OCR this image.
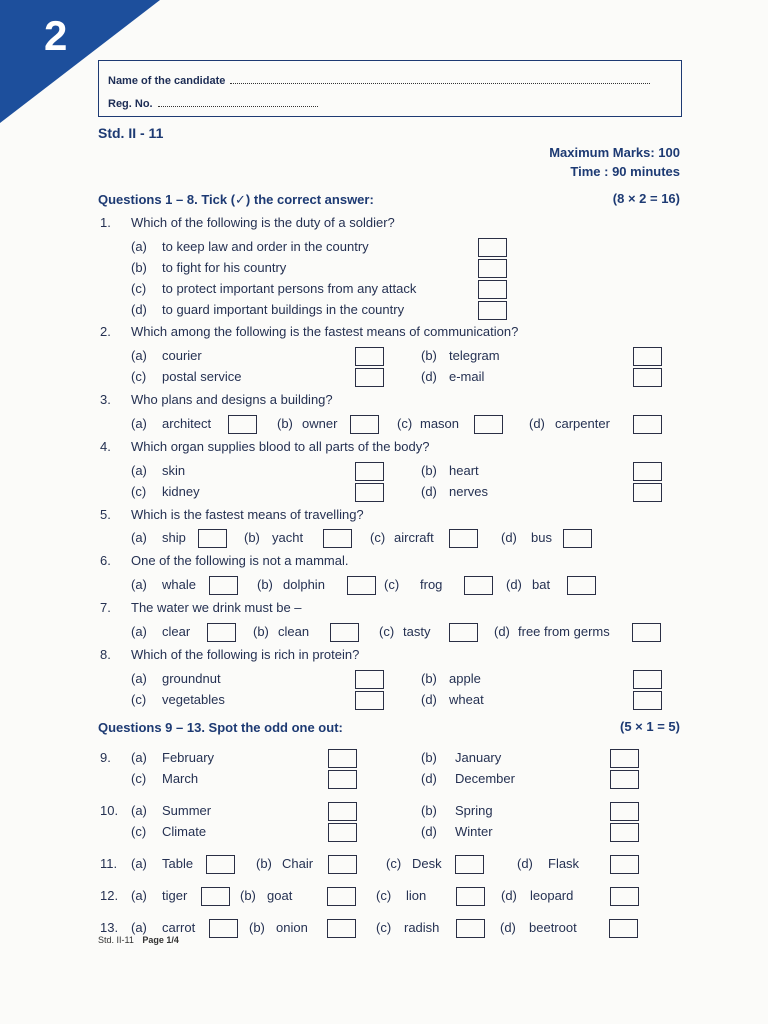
2
Name of the candidate
Reg. No.
Std. II - 11
Maximum Marks: 100
Time : 90 minutes
Questions 1 – 8. Tick (✓) the correct answer:	(8 × 2 = 16)
Questions 9 – 13. Spot the odd one out:	(5 × 1 = 5)
1. Which of the following is the duty of a soldier?
(a) to keep law and order in the country
(b) to fight for his country
(c) to protect important persons from any attack
(d) to guard important buildings in the country
2. Which among the following is the fastest means of communication?
(a) courier	(b) telegram
(c) postal service	(d) e-mail
4. Which organ supplies blood to all parts of the body?
(a) skin	(b) heart
(c) kidney	(d) nerves
8. Which of the following is rich in protein?
(a) groundnut	(b) apple
(c) vegetables	(d) wheat
3. Who plans and designs a building?
(a) architect	(b) owner	(c) mason	(d) carpenter
5. Which is the fastest means of travelling?
(a) ship	(b) yacht	(c) aircraft	(d) bus
6. One of the following is not a mammal.
(a) whale	(b) dolphin	(c) frog	(d) bat
7. The water we drink must be –
(a) clear	(b) clean	(c) tasty	(d) free from germs
9. (a) February	(b) January
(c) March	(d) December
10. (a) Summer	(b) Spring
(c) Climate	(d) Winter
11. (a) Table	(b) Chair	(c) Desk	(d) Flask
12. (a) tiger	(b) goat	(c) lion	(d) leopard
13. (a) carrot	(b) onion	(c) radish	(d) beetroot
Std. II-11 Page 1/4
